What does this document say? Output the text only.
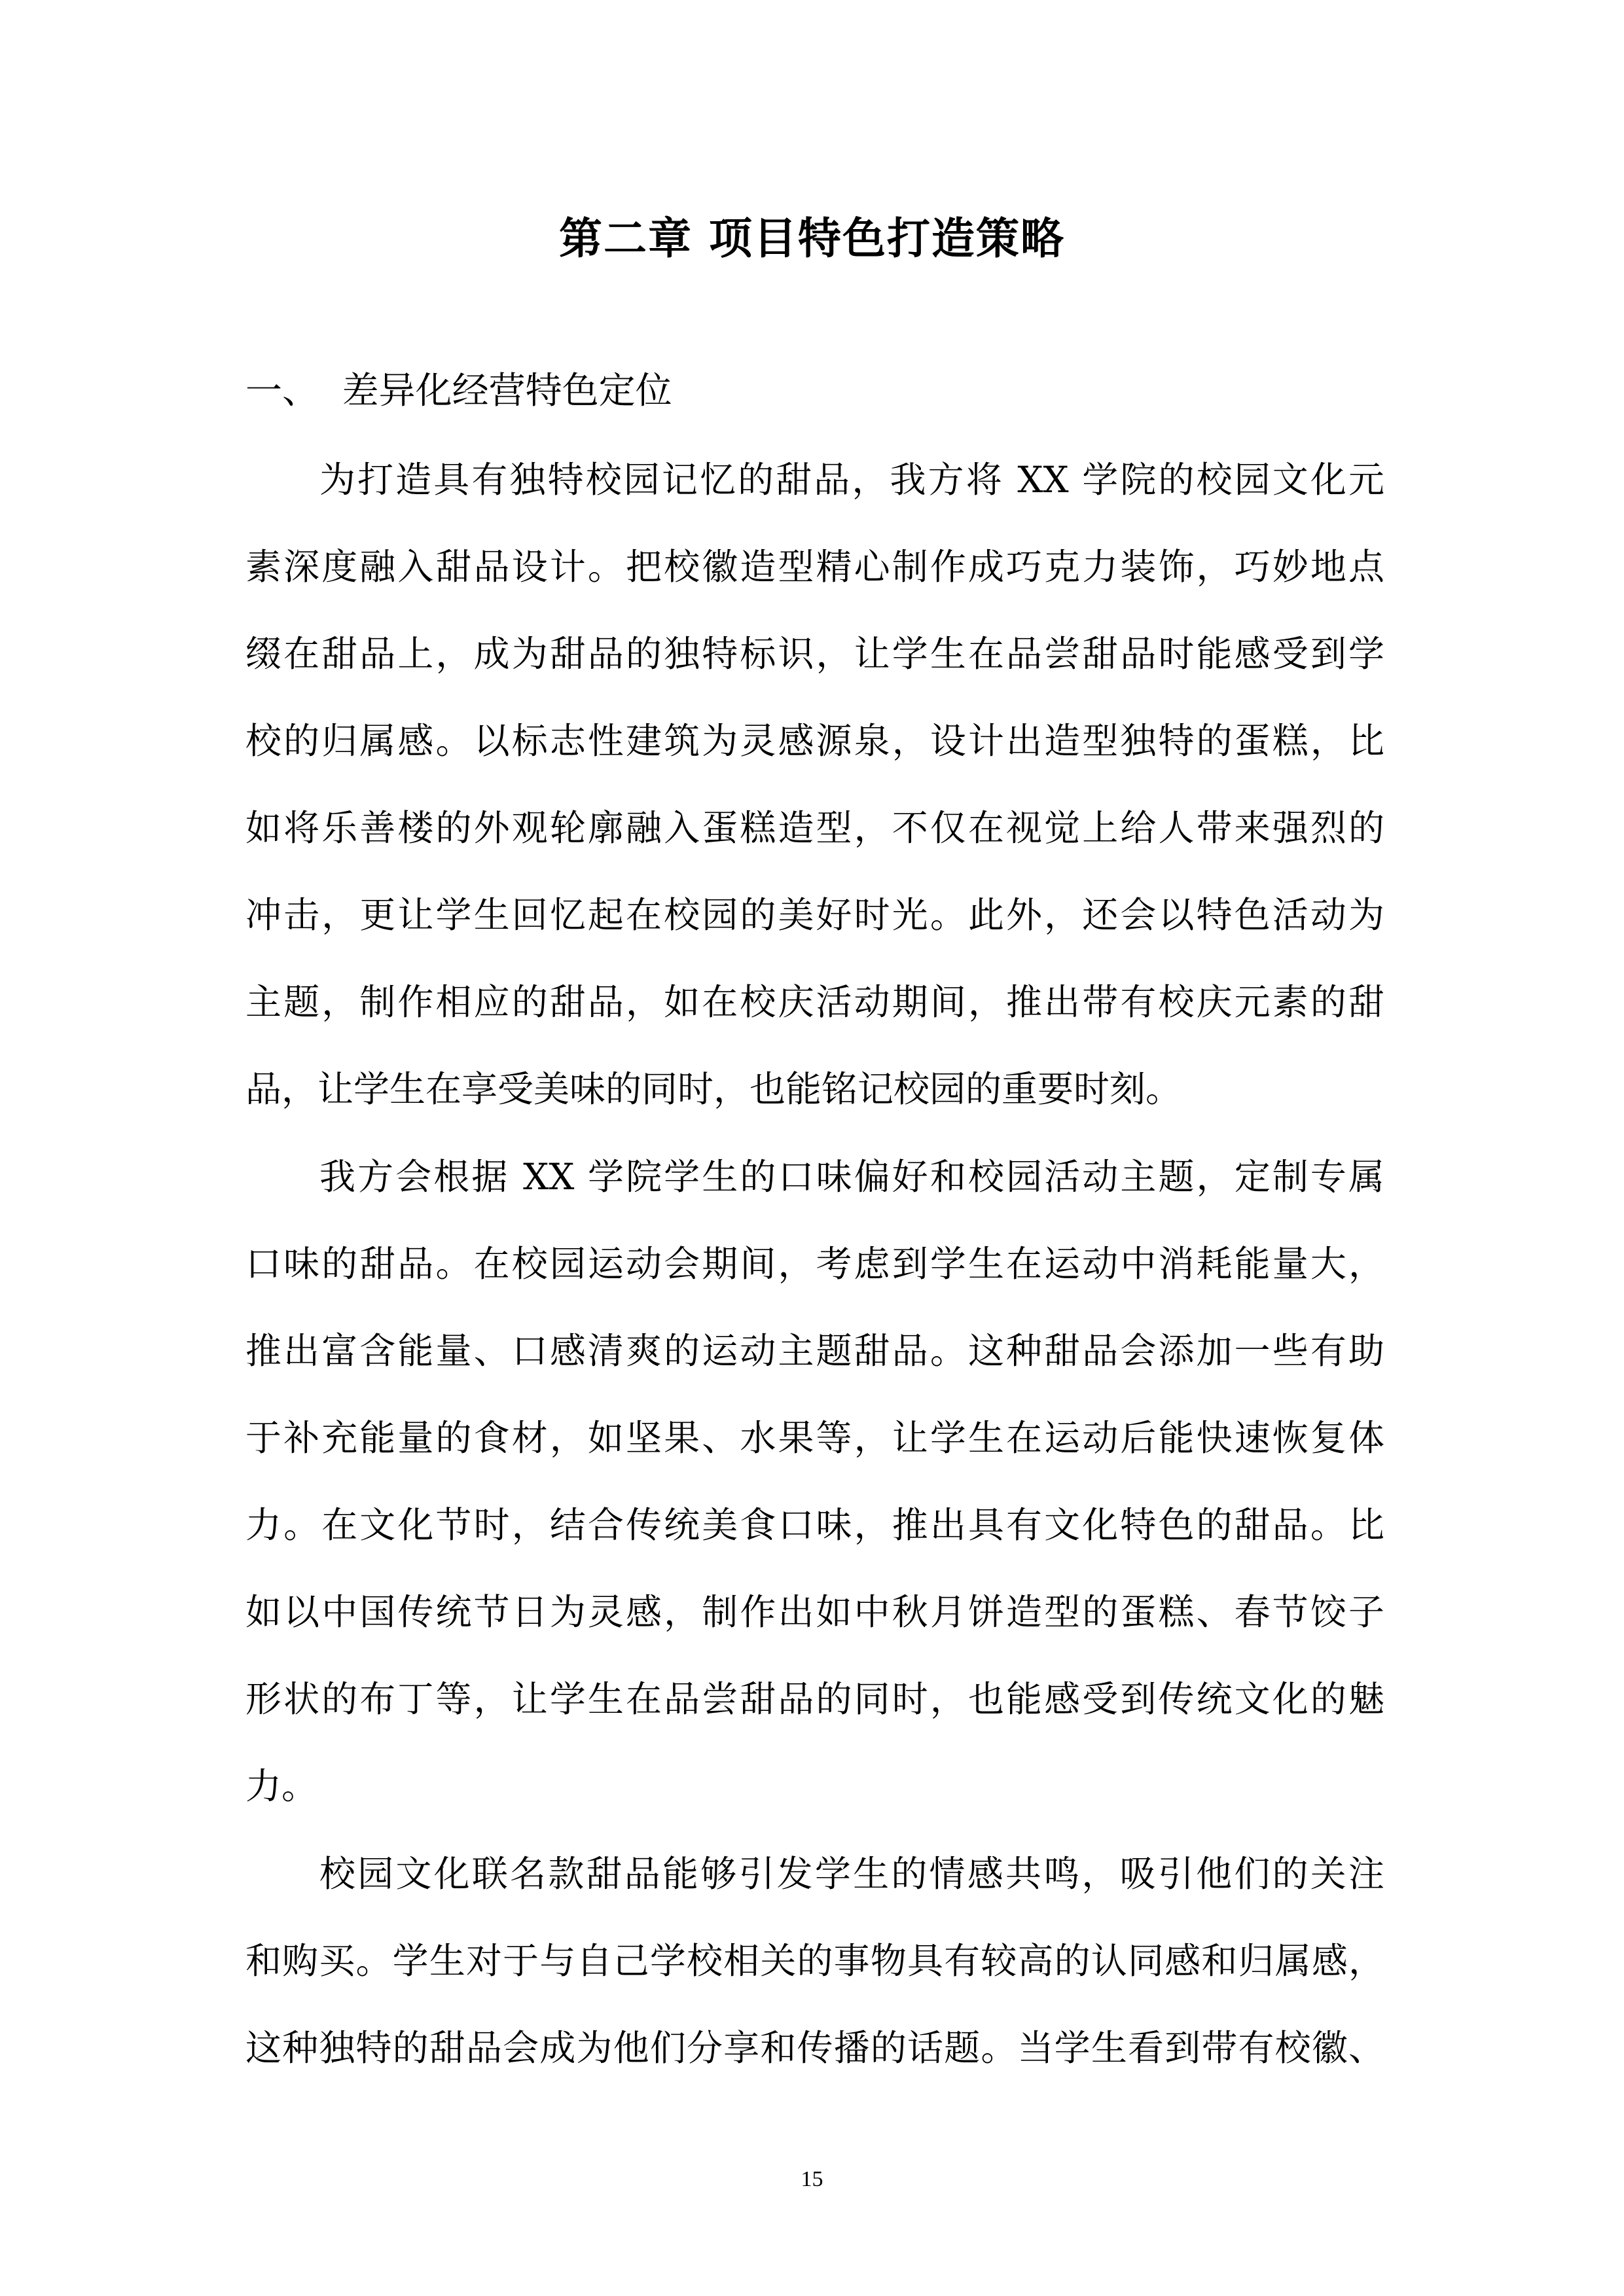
第二章 项目特色打造策略
一、  差异化经营特色定位
为打造具有独特校园记忆的甜品，我方将 XX 学院的校园文化元
素深度融入甜品设计。把校徽造型精心制作成巧克力装饰，巧妙地点
缀在甜品上，成为甜品的独特标识，让学生在品尝甜品时能感受到学
校的归属感。以标志性建筑为灵感源泉，设计出造型独特的蛋糕，比
如将乐善楼的外观轮廓融入蛋糕造型，不仅在视觉上给人带来强烈的
冲击，更让学生回忆起在校园的美好时光。此外，还会以特色活动为
主题，制作相应的甜品，如在校庆活动期间，推出带有校庆元素的甜
品，让学生在享受美味的同时，也能铭记校园的重要时刻。
我方会根据 XX 学院学生的口味偏好和校园活动主题，定制专属
口味的甜品。在校园运动会期间，考虑到学生在运动中消耗能量大，
推出富含能量、口感清爽的运动主题甜品。这种甜品会添加一些有助
于补充能量的食材，如坚果、水果等，让学生在运动后能快速恢复体
力。在文化节时，结合传统美食口味，推出具有文化特色的甜品。比
如以中国传统节日为灵感，制作出如中秋月饼造型的蛋糕、春节饺子
形状的布丁等，让学生在品尝甜品的同时，也能感受到传统文化的魅
力。
校园文化联名款甜品能够引发学生的情感共鸣，吸引他们的关注
和购买。学生对于与自己学校相关的事物具有较高的认同感和归属感，
这种独特的甜品会成为他们分享和传播的话题。当学生看到带有校徽、
15
